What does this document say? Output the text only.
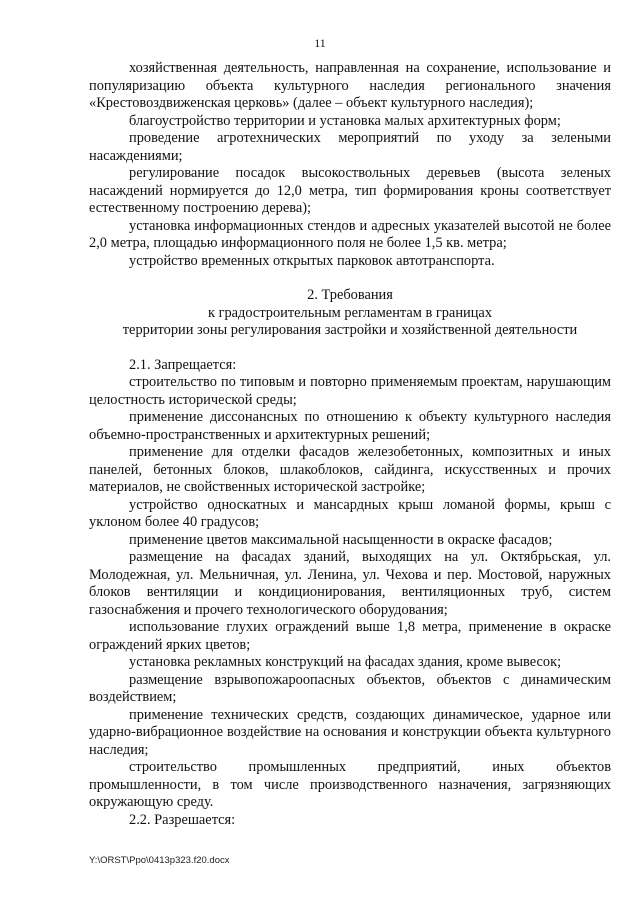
11

хозяйственная деятельность, направленная на сохранение, использование и популяризацию объекта культурного наследия регионального значения «Крестовоздвиженская церковь» (далее – объект культурного наследия);

благоустройство территории и установка малых архитектурных форм;

проведение агротехнических мероприятий по уходу за зелеными насаждениями;

регулирование посадок высокоствольных деревьев (высота зеленых насаждений нормируется до 12,0 метра, тип формирования кроны соответствует естественному построению дерева);

установка информационных стендов и адресных указателей высотой не более 2,0 метра, площадью информационного поля не более 1,5 кв. метра;

устройство временных открытых парковок автотранспорта.

2. Требования

к градостроительным регламентам в границах

территории зоны регулирования застройки и хозяйственной деятельности

2.1. Запрещается:

строительство по типовым и повторно применяемым проектам, нарушающим целостность исторической среды;

применение диссонансных по отношению к объекту культурного наследия объемно-пространственных и архитектурных решений;

применение для отделки фасадов железобетонных, композитных и иных панелей, бетонных блоков, шлакоблоков, сайдинга, искусственных и прочих материалов, не свойственных исторической застройке;

устройство односкатных и мансардных крыш ломаной формы, крыш с уклоном более 40 градусов;

применение цветов максимальной насыщенности в окраске фасадов;

размещение на фасадах зданий, выходящих на ул. Октябрьская, ул. Молодежная, ул. Мельничная, ул. Ленина, ул. Чехова и пер. Мостовой, наружных блоков вентиляции и кондиционирования, вентиляционных труб, систем газоснабжения и прочего технологического оборудования;

использование глухих ограждений выше 1,8 метра, применение в окраске ограждений ярких цветов;

установка рекламных конструкций на фасадах здания, кроме вывесок;

размещение взрывопожароопасных объектов, объектов с динамическим воздействием;

применение технических средств, создающих динамическое, ударное или ударно-вибрационное воздействие на основания и конструкции объекта культурного наследия;

строительство промышленных предприятий, иных объектов промышленности, в том числе производственного назначения, загрязняющих окружающую среду.

2.2. Разрешается:

Y:\ORST\Ppo\0413p323.f20.docx
